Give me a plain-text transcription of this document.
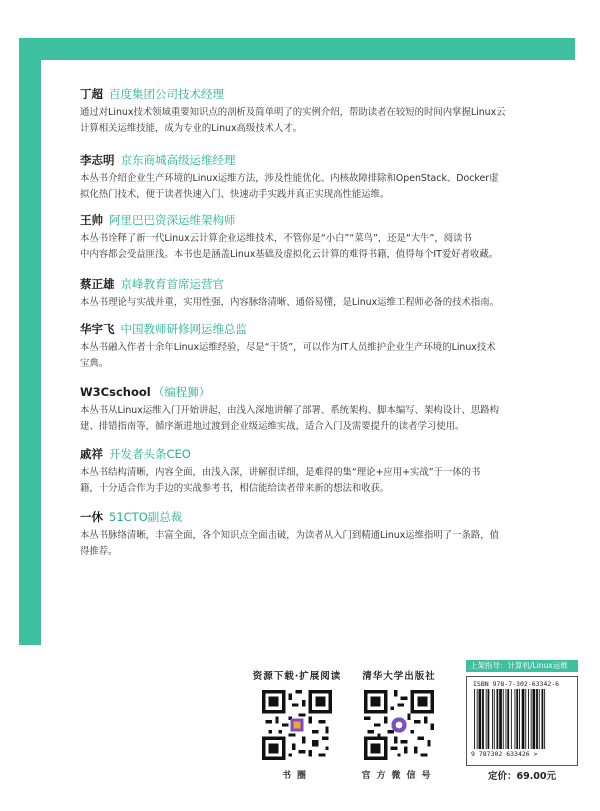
丁超 百度集团公司技术经理
通过对Linux技术领域重要知识点的剖析及简单明了的实例介绍，帮助读者在较短的时间内掌握Linux云
计算相关运维技能，成为专业的Linux高级技术人才。
李志明 京东商城高级运维经理
本丛书介绍企业生产环境的Linux运维方法，涉及性能优化、内核故障排除和OpenStack、Docker虚
拟化热门技术，便于读者快速入门、快速动手实践并真正实现高性能运维。
王帅 阿里巴巴资深运维架构师
本丛书诠释了新一代Linux云计算企业运维技术，不管你是“小白”“菜鸟”，还是“大牛”，阅读书
中内容都会受益匪浅。本书也是涵盖Linux基础及虚拟化云计算的难得书籍，值得每个IT爱好者收藏。
蔡正雄 京峰教育首席运营官
本丛书理论与实战并重，实用性强，内容脉络清晰、通俗易懂，是Linux运维工程师必备的技术指南。
华宇飞 中国教师研修网运维总监
本丛书融入作者十余年Linux运维经验，尽是“干货”，可以作为IT人员维护企业生产环境的Linux技术
宝典。
W3Cschool （编程狮）
本丛书从Linux运维入门开始讲起，由浅入深地讲解了部署、系统架构、脚本编写、架构设计、思路构
建、排错指南等，循序渐进地过渡到企业级运维实战，适合入门及需要提升的读者学习使用。
戚祥 开发者头条CEO
本丛书结构清晰，内容全面，由浅入深，讲解很详细，是难得的集“理论+应用+实战”于一体的书
籍，十分适合作为手边的实战参考书，相信能给读者带来新的想法和收获。
一休 51CTO副总裁
本丛书脉络清晰，丰富全面，各个知识点全面击破，为读者从入门到精通Linux运维指明了一条路，值
得推荐。
资源下载·扩展阅读
书圈
清华大学出版社
官方微信号
上架指导：计算机/Linux运维
ISBN 978-7-302-63342-6
9 787302 633426 >
定价：69.00元
